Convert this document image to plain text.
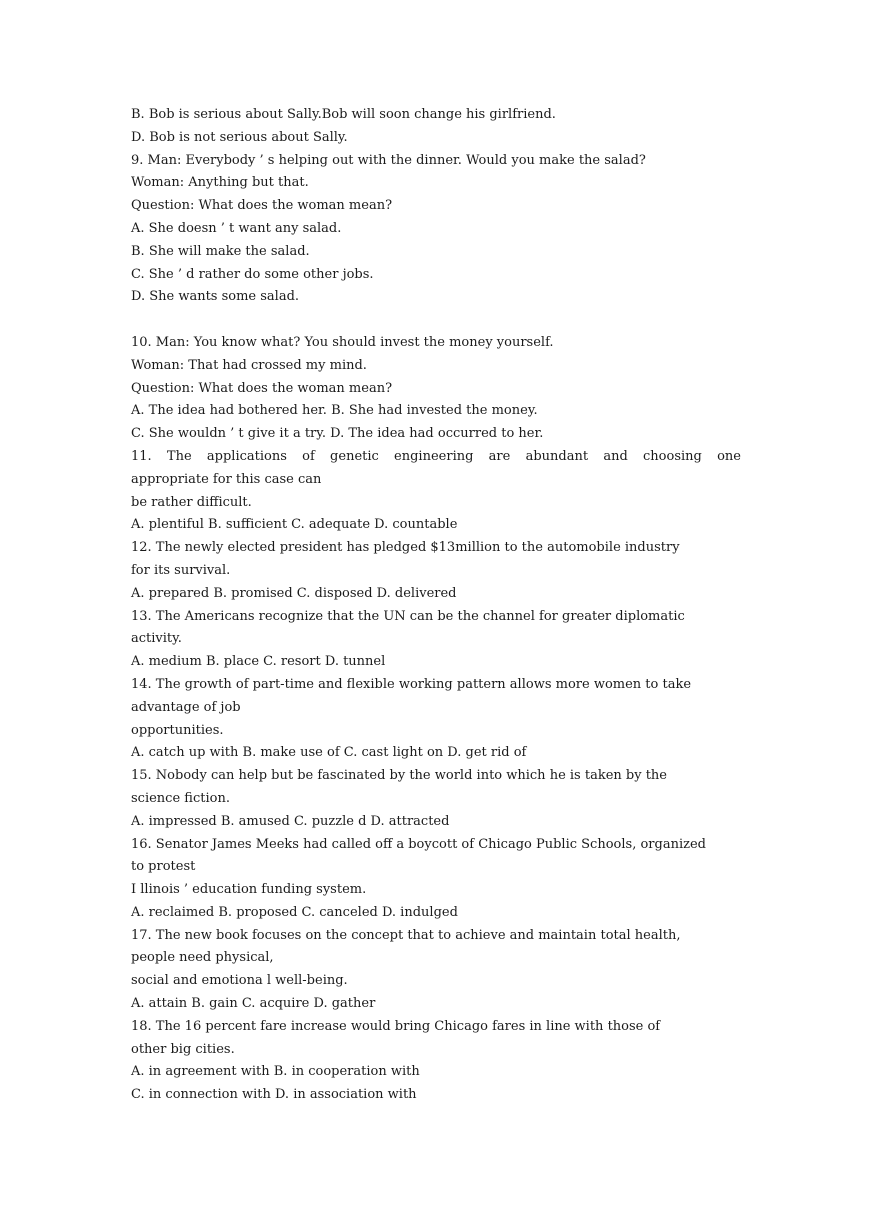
B. Bob is serious about Sally.Bob will soon change his girlfriend.
D. Bob is not serious about Sally.
9. Man: Everybody ’ s helping out with the dinner. Would you make the salad?
Woman: Anything but that.
Question: What does the woman mean?
A. She doesn ’ t want any salad.
B. She will make the salad.
C. She ’ d rather do some other jobs.
D. She wants some salad.
10. Man: You know what? You should invest the money yourself.
Woman: That had crossed my mind.
Question: What does the woman mean?
A. The idea had bothered her. B. She had invested the money.
C. She wouldn ’ t give it a try. D. The idea had occurred to her.
11. The applications of genetic engineering are abundant and choosing one
appropriate for this case can
be rather difficult.
A. plentiful B. sufficient C. adequate D. countable
12. The newly elected president has pledged $13million to the automobile industry
for its survival.
A. prepared B. promised C. disposed D. delivered
13. The Americans recognize that the UN can be the channel for greater diplomatic
activity.
A. medium B. place C. resort D. tunnel
14. The growth of part-time and flexible working pattern allows more women to take
advantage of job
opportunities.
A. catch up with B. make use of C. cast light on D. get rid of
15. Nobody can help but be fascinated by the world into which he is taken by the
science fiction.
A. impressed B. amused C. puzzle d D. attracted
16. Senator James Meeks had called off a boycott of Chicago Public Schools, organized
to protest
I llinois ’ education funding system.
A. reclaimed B. proposed C. canceled D. indulged
17. The new book focuses on the concept that to achieve and maintain total health,
people need physical,
social and emotiona l well-being.
A. attain B. gain C. acquire D. gather
18. The 16 percent fare increase would bring Chicago fares in line with those of
other big cities.
A. in agreement with B. in cooperation with
C. in connection with D. in association with
